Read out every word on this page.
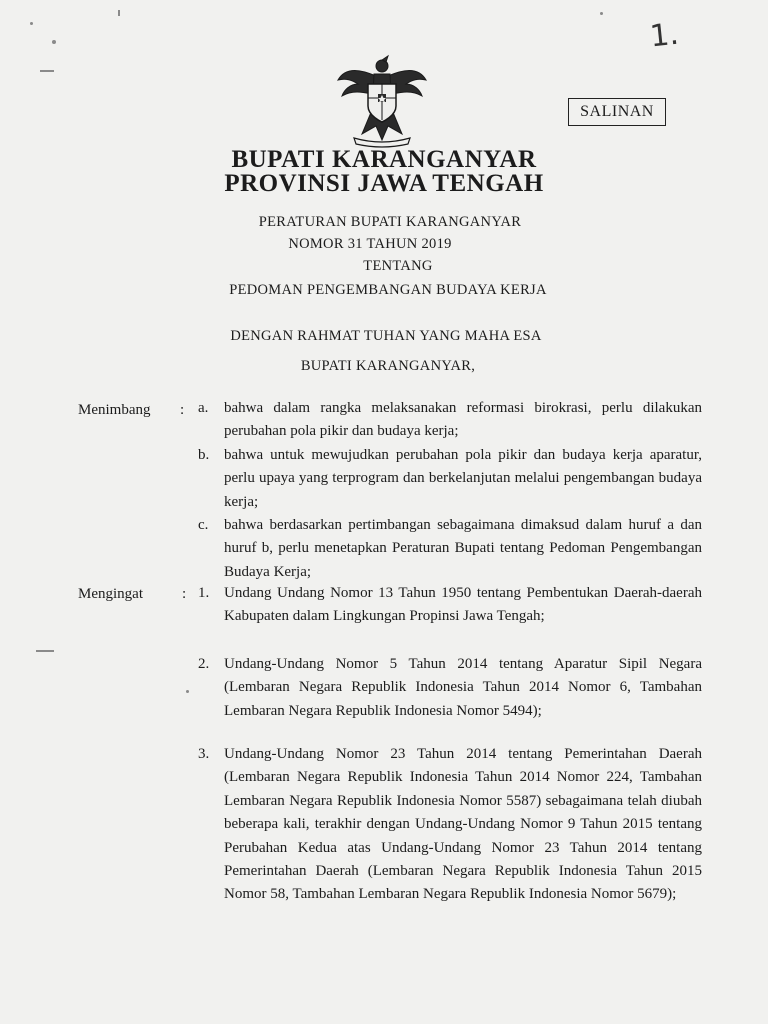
1.
SALINAN
BUPATI KARANGANYAR
PROVINSI JAWA TENGAH
PERATURAN BUPATI KARANGANYAR
NOMOR 31 TAHUN 2019
TENTANG
PEDOMAN PENGEMBANGAN BUDAYA KERJA
DENGAN RAHMAT TUHAN YANG MAHA ESA
BUPATI KARANGANYAR,
Menimbang : a. bahwa dalam rangka melaksanakan reformasi birokrasi, perlu dilakukan perubahan pola pikir dan budaya kerja;
b. bahwa untuk mewujudkan perubahan pola pikir dan budaya kerja aparatur, perlu upaya yang terprogram dan berkelanjutan melalui pengembangan budaya kerja;
c. bahwa berdasarkan pertimbangan sebagaimana dimaksud dalam huruf a dan huruf b, perlu menetapkan Peraturan Bupati tentang Pedoman Pengembangan Budaya Kerja;
Mengingat	: 1. Undang Undang Nomor 13 Tahun 1950 tentang Pembentukan Daerah-daerah Kabupaten dalam Lingkungan Propinsi Jawa Tengah;
2. Undang-Undang Nomor 5 Tahun 2014 tentang Aparatur Sipil Negara (Lembaran Negara Republik Indonesia Tahun 2014 Nomor 6, Tambahan Lembaran Negara Republik Indonesia Nomor 5494);
3. Undang-Undang Nomor 23 Tahun 2014 tentang Pemerintahan Daerah (Lembaran Negara Republik Indonesia Tahun 2014 Nomor 224, Tambahan Lembaran Negara Republik Indonesia Nomor 5587) sebagaimana telah diubah beberapa kali, terakhir dengan Undang-Undang Nomor 9 Tahun 2015 tentang Perubahan Kedua atas Undang-Undang Nomor 23 Tahun 2014 tentang Pemerintahan Daerah (Lembaran Negara Republik Indonesia Tahun 2015 Nomor 58, Tambahan Lembaran Negara Republik Indonesia Nomor 5679);
